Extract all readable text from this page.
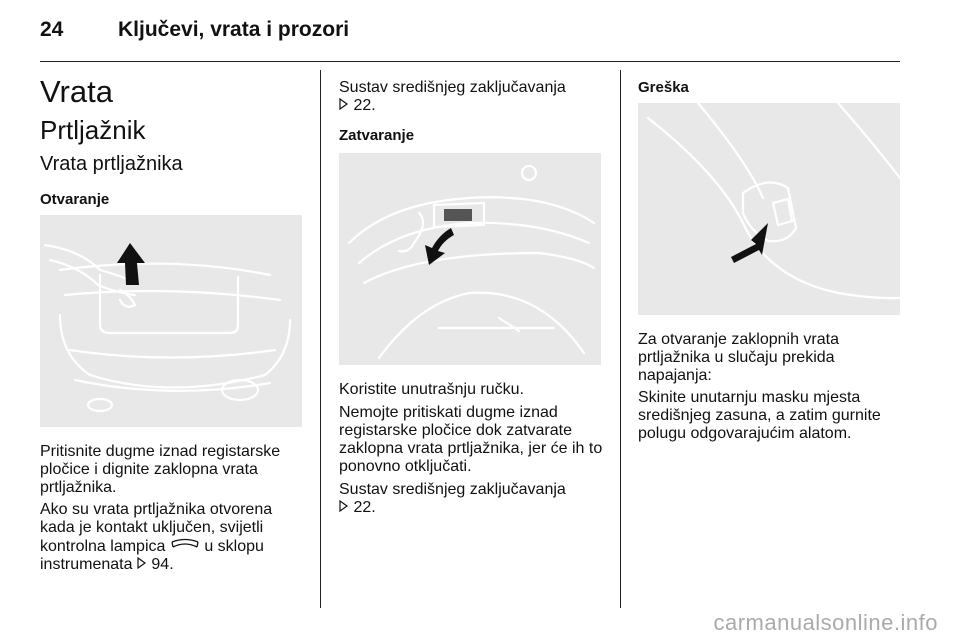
24	Ključevi, vrata i prozori
Vrata
Prtljažnik
Vrata prtljažnika
Otvaranje
Pritisnite dugme iznad registarske
pločice i dignite zaklopna vrata
prtljažnika.
Ako su vrata prtljažnika otvorena
kada je kontakt uključen, svijetli
kontrolna lampica u sklopu
instrumenata 94.
Sustav središnjeg zaključavanja
22.
Zatvaranje
Koristite unutrašnju ručku.
Nemojte pritiskati dugme iznad
registarske pločice dok zatvarate
zaklopna vrata prtljažnika, jer će ih to
ponovno otključati.
Sustav središnjeg zaključavanja
22.
Greška
Za otvaranje zaklopnih vrata
prtljažnika u slučaju prekida
napajanja:
Skinite unutarnju masku mjesta
središnjeg zasuna, a zatim gurnite
polugu odgovarajućim alatom.
carmanualsonline.info
